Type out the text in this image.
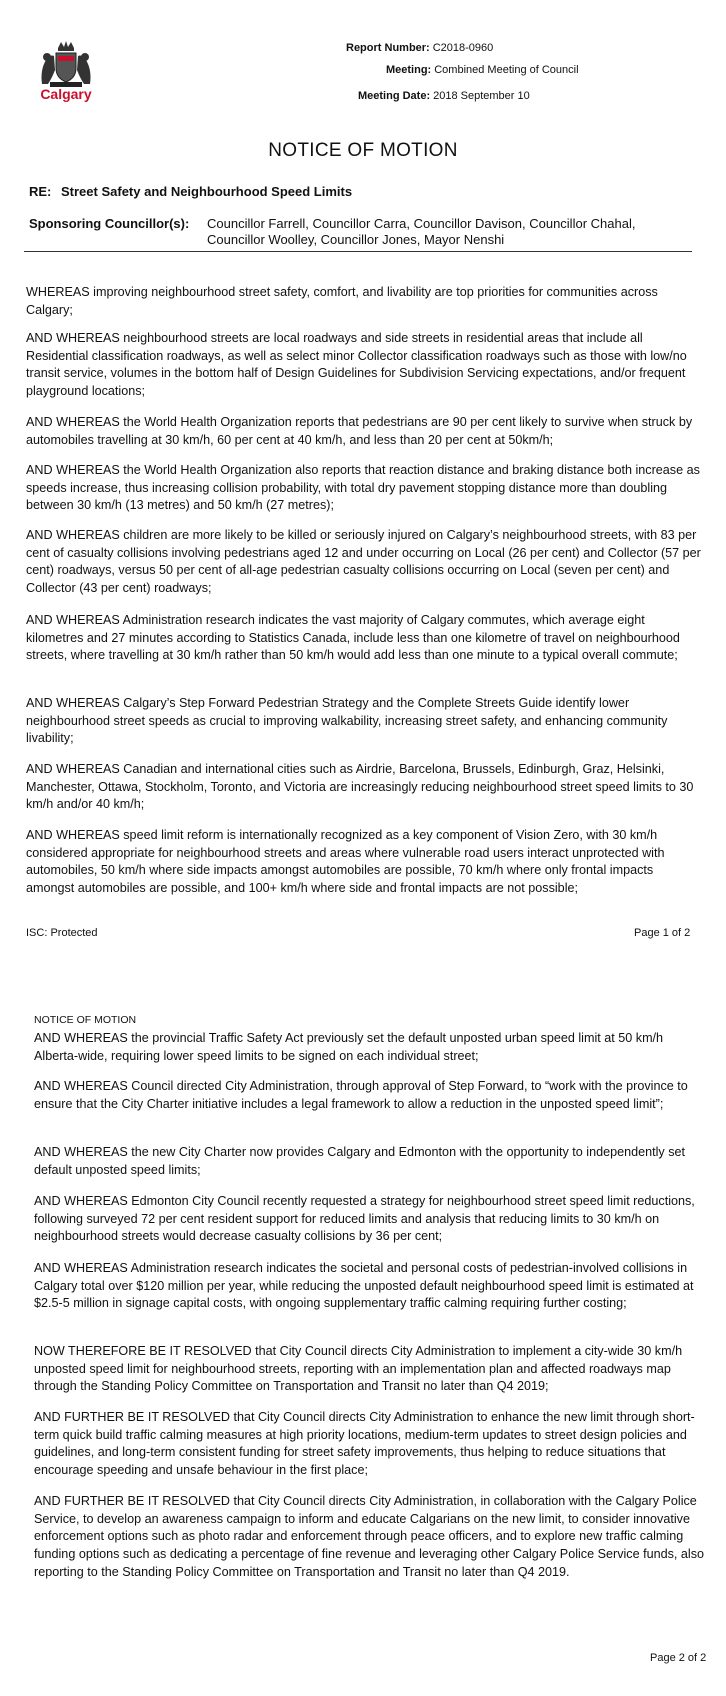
Calgary
Report Number: C2018-0960
Meeting: Combined Meeting of Council
Meeting Date: 2018 September 10
NOTICE OF MOTION
RE: Street Safety and Neighbourhood Speed Limits
Sponsoring Councillor(s): Councillor Farrell, Councillor Carra, Councillor Davison, Councillor Chahal, Councillor Woolley, Councillor Jones, Mayor Nenshi

WHEREAS improving neighbourhood street safety, comfort, and livability are top priorities for communities across Calgary;

AND WHEREAS neighbourhood streets are local roadways and side streets in residential areas that include all Residential classification roadways, as well as select minor Collector classification roadways such as those with low/no transit service, volumes in the bottom half of Design Guidelines for Subdivision Servicing expectations, and/or frequent playground locations;

AND WHEREAS the World Health Organization reports that pedestrians are 90 per cent likely to survive when struck by automobiles travelling at 30 km/h, 60 per cent at 40 km/h, and less than 20 per cent at 50km/h;

AND WHEREAS the World Health Organization also reports that reaction distance and braking distance both increase as speeds increase, thus increasing collision probability, with total dry pavement stopping distance more than doubling between 30 km/h (13 metres) and 50 km/h (27 metres);

AND WHEREAS children are more likely to be killed or seriously injured on Calgary’s neighbourhood streets, with 83 per cent of casualty collisions involving pedestrians aged 12 and under occurring on Local (26 per cent) and Collector (57 per cent) roadways, versus 50 per cent of all-age pedestrian casualty collisions occurring on Local (seven per cent) and Collector (43 per cent) roadways;

AND WHEREAS Administration research indicates the vast majority of Calgary commutes, which average eight kilometres and 27 minutes according to Statistics Canada, include less than one kilometre of travel on neighbourhood streets, where travelling at 30 km/h rather than 50 km/h would add less than one minute to a typical overall commute;

AND WHEREAS Calgary’s Step Forward Pedestrian Strategy and the Complete Streets Guide identify lower neighbourhood street speeds as crucial to improving walkability, increasing street safety, and enhancing community livability;

AND WHEREAS Canadian and international cities such as Airdrie, Barcelona, Brussels, Edinburgh, Graz, Helsinki, Manchester, Ottawa, Stockholm, Toronto, and Victoria are increasingly reducing neighbourhood street speed limits to 30 km/h and/or 40 km/h;

AND WHEREAS speed limit reform is internationally recognized as a key component of Vision Zero, with 30 km/h considered appropriate for neighbourhood streets and areas where vulnerable road users interact unprotected with automobiles, 50 km/h where side impacts amongst automobiles are possible, 70 km/h where only frontal impacts amongst automobiles are possible, and 100+ km/h where side and frontal impacts are not possible;

ISC: Protected	Page 1 of 2
NOTICE OF MOTION

AND WHEREAS the provincial Traffic Safety Act previously set the default unposted urban speed limit at 50 km/h Alberta-wide, requiring lower speed limits to be signed on each individual street;

AND WHEREAS Council directed City Administration, through approval of Step Forward, to “work with the province to ensure that the City Charter initiative includes a legal framework to allow a reduction in the unposted speed limit”;

AND WHEREAS the new City Charter now provides Calgary and Edmonton with the opportunity to independently set default unposted speed limits;

AND WHEREAS Edmonton City Council recently requested a strategy for neighbourhood street speed limit reductions, following surveyed 72 per cent resident support for reduced limits and analysis that reducing limits to 30 km/h on neighbourhood streets would decrease casualty collisions by 36 per cent;

AND WHEREAS Administration research indicates the societal and personal costs of pedestrian-involved collisions in Calgary total over $120 million per year, while reducing the unposted default neighbourhood speed limit is estimated at $2.5-5 million in signage capital costs, with ongoing supplementary traffic calming requiring further costing;

NOW THEREFORE BE IT RESOLVED that City Council directs City Administration to implement a city-wide 30 km/h unposted speed limit for neighbourhood streets, reporting with an implementation plan and affected roadways map through the Standing Policy Committee on Transportation and Transit no later than Q4 2019;

AND FURTHER BE IT RESOLVED that City Council directs City Administration to enhance the new limit through short-term quick build traffic calming measures at high priority locations, medium-term updates to street design policies and guidelines, and long-term consistent funding for street safety improvements, thus helping to reduce situations that encourage speeding and unsafe behaviour in the first place;

AND FURTHER BE IT RESOLVED that City Council directs City Administration, in collaboration with the Calgary Police Service, to develop an awareness campaign to inform and educate Calgarians on the new limit, to consider innovative enforcement options such as photo radar and enforcement through peace officers, and to explore new traffic calming funding options such as dedicating a percentage of fine revenue and leveraging other Calgary Police Service funds, also reporting to the Standing Policy Committee on Transportation and Transit no later than Q4 2019.

Page 2 of 2
